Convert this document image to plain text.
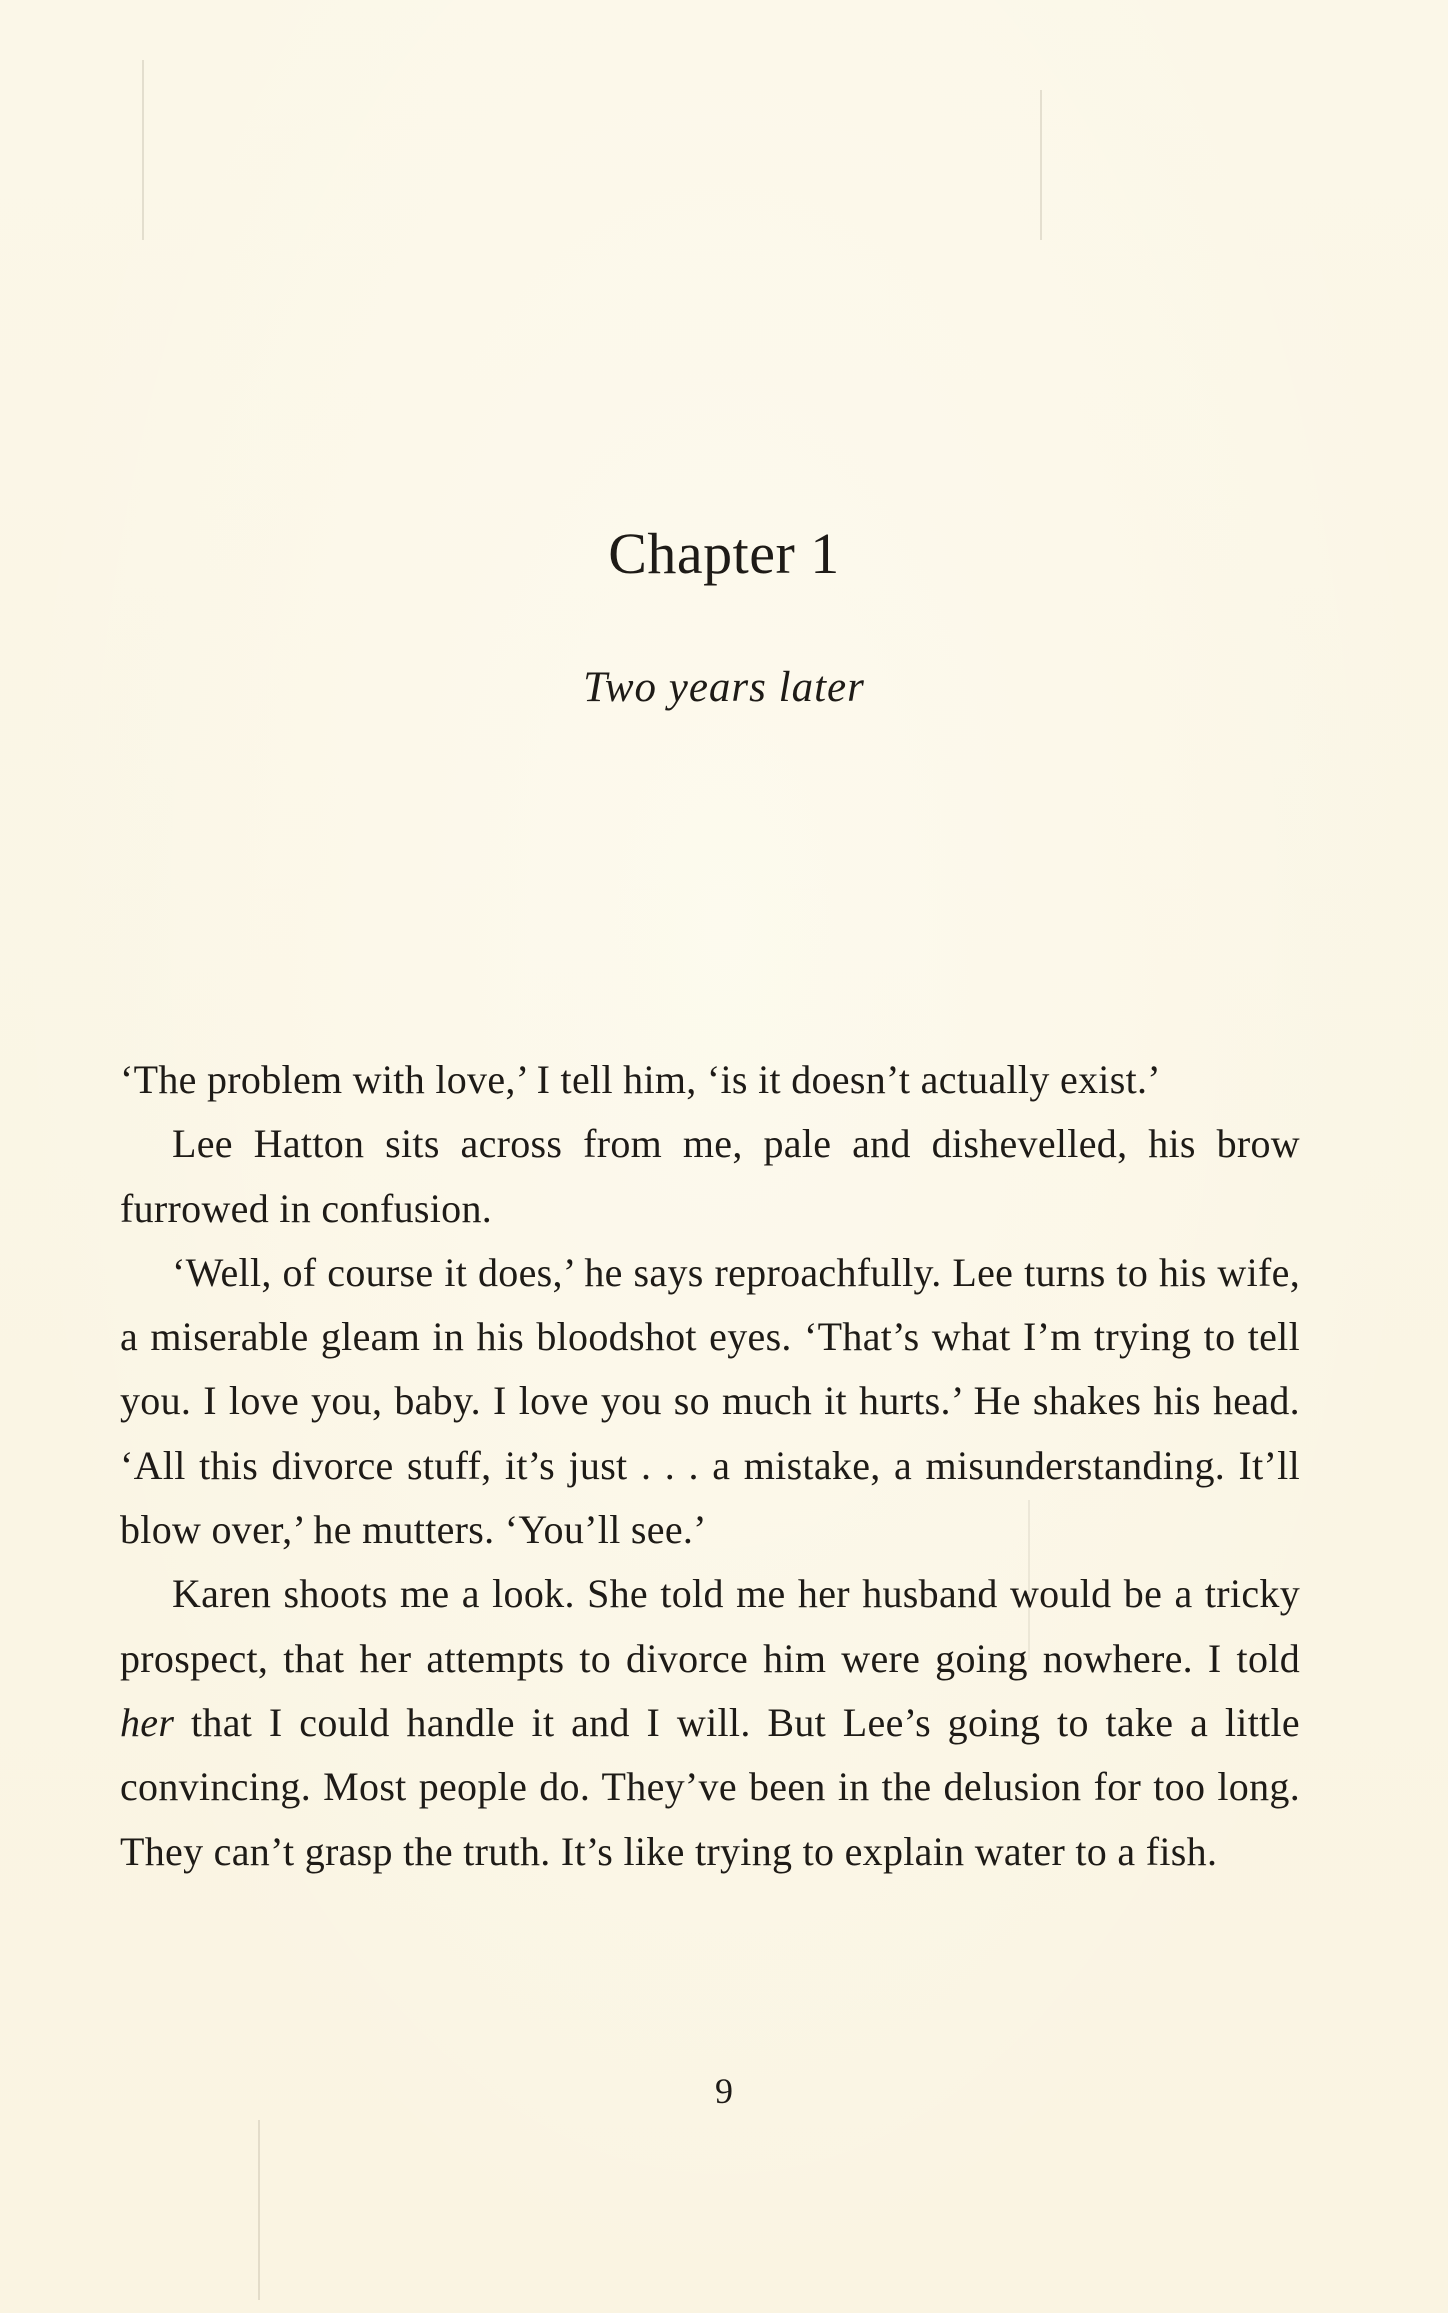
Chapter 1
Two years later

‘The problem with love,’ I tell him, ‘is it doesn’t actually exist.’

Lee Hatton sits across from me, pale and dishevelled, his brow furrowed in confusion.

‘Well, of course it does,’ he says reproachfully. Lee turns to his wife, a miserable gleam in his bloodshot eyes. ‘That’s what I’m trying to tell you. I love you, baby. I love you so much it hurts.’ He shakes his head. ‘All this divorce stuff, it’s just . . . a mistake, a misunderstanding. It’ll blow over,’ he mutters. ‘You’ll see.’

Karen shoots me a look. She told me her husband would be a tricky prospect, that her attempts to divorce him were going nowhere. I told her that I could handle it and I will. But Lee’s going to take a little convincing. Most people do. They’ve been in the delusion for too long. They can’t grasp the truth. It’s like trying to explain water to a fish.

9
